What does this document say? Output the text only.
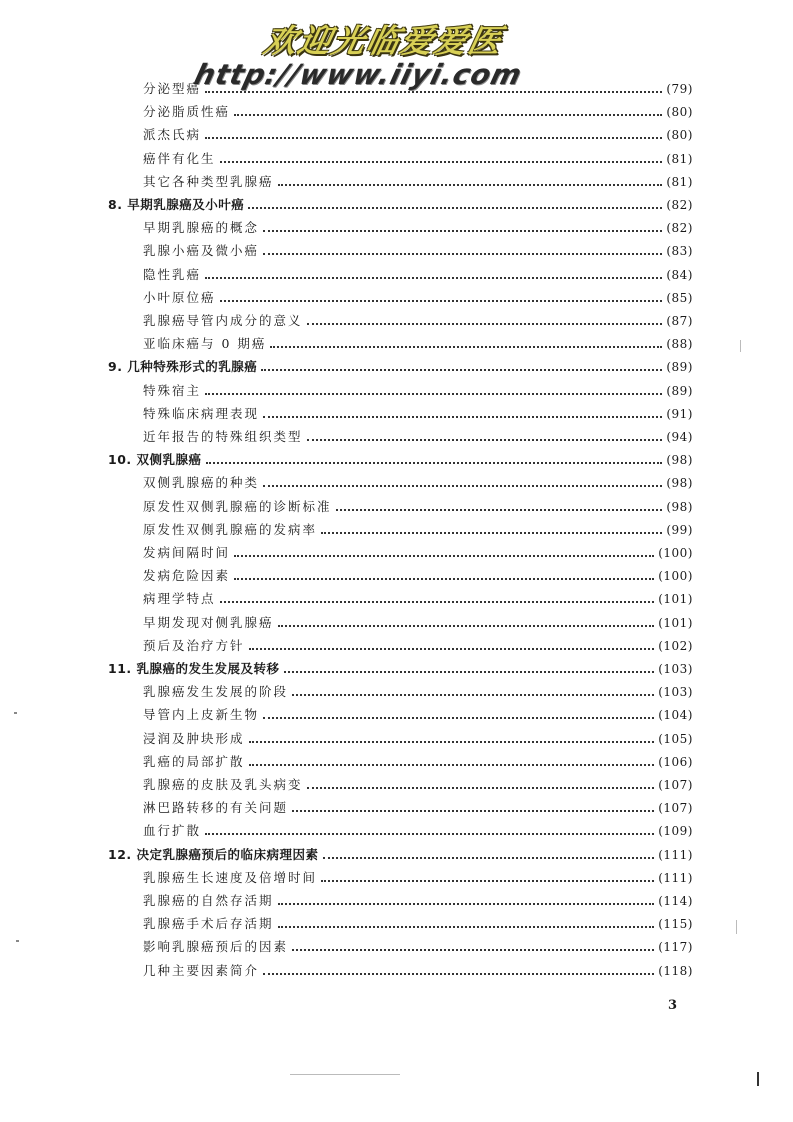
欢迎光临爱爱医
http://www.iiyi.com
分泌型癌	(79)
分泌脂质性癌	(80)
派杰氏病	(80)
癌伴有化生	(81)
其它各种类型乳腺癌	(81)
8. 早期乳腺癌及小叶癌	(82)
早期乳腺癌的概念	(82)
乳腺小癌及微小癌	(83)
隐性乳癌	(84)
小叶原位癌	(85)
乳腺癌导管内成分的意义	(87)
亚临床癌与 0 期癌	(88)
9. 几种特殊形式的乳腺癌	(89)
特殊宿主	(89)
特殊临床病理表现	(91)
近年报告的特殊组织类型	(94)
10. 双侧乳腺癌	(98)
双侧乳腺癌的种类	(98)
原发性双侧乳腺癌的诊断标准	(98)
原发性双侧乳腺癌的发病率	(99)
发病间隔时间	(100)
发病危险因素	(100)
病理学特点	(101)
早期发现对侧乳腺癌	(101)
预后及治疗方针	(102)
11. 乳腺癌的发生发展及转移	(103)
乳腺癌发生发展的阶段	(103)
导管内上皮新生物	(104)
浸润及肿块形成	(105)
乳癌的局部扩散	(106)
乳腺癌的皮肤及乳头病变	(107)
淋巴路转移的有关问题	(107)
血行扩散	(109)
12. 决定乳腺癌预后的临床病理因素	(111)
乳腺癌生长速度及倍增时间	(111)
乳腺癌的自然存活期	(114)
乳腺癌手术后存活期	(115)
影响乳腺癌预后的因素	(117)
几种主要因素简介	(118)
3
